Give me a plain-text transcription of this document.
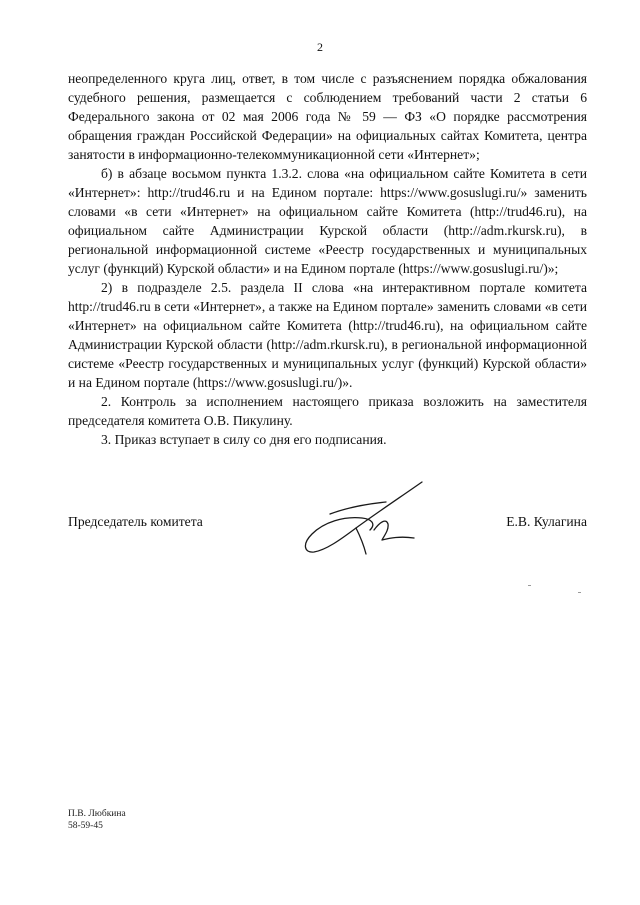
2

неопределенного круга лиц, ответ, в том числе с разъяснением порядка обжалования судебного решения, размещается с соблюдением требований части 2 статьи 6 Федерального закона от 02 мая 2006 года № 59 — ФЗ «О порядке рассмотрения обращения граждан Российской Федерации» на официальных сайтах Комитета, центра занятости в информационно-телекоммуникационной сети «Интернет»;

б) в абзаце восьмом пункта 1.3.2. слова «на официальном сайте Комитета в сети «Интернет»: http://trud46.ru и на Едином портале: https://www.gosuslugi.ru/» заменить словами «в сети «Интернет» на официальном сайте Комитета (http://trud46.ru), на официальном сайте Администрации Курской области (http://adm.rkursk.ru), в региональной информационной системе «Реестр государственных и муниципальных услуг (функций) Курской области» и на Едином портале (https://www.gosuslugi.ru/)»;

2) в подразделе 2.5. раздела II слова «на интерактивном портале комитета http://trud46.ru в сети «Интернет», а также на Едином портале» заменить словами «в сети «Интернет» на официальном сайте Комитета (http://trud46.ru), на официальном сайте Администрации Курской области (http://adm.rkursk.ru), в региональной информационной системе «Реестр государственных и муниципальных услуг (функций) Курской области» и на Едином портале (https://www.gosuslugi.ru/)».

2. Контроль за исполнением настоящего приказа возложить на заместителя председателя комитета О.В. Пикулину.

3. Приказ вступает в силу со дня его подписания.

Председатель комитета	Е.В. Кулагина
П.В. Любкина
58-59-45
